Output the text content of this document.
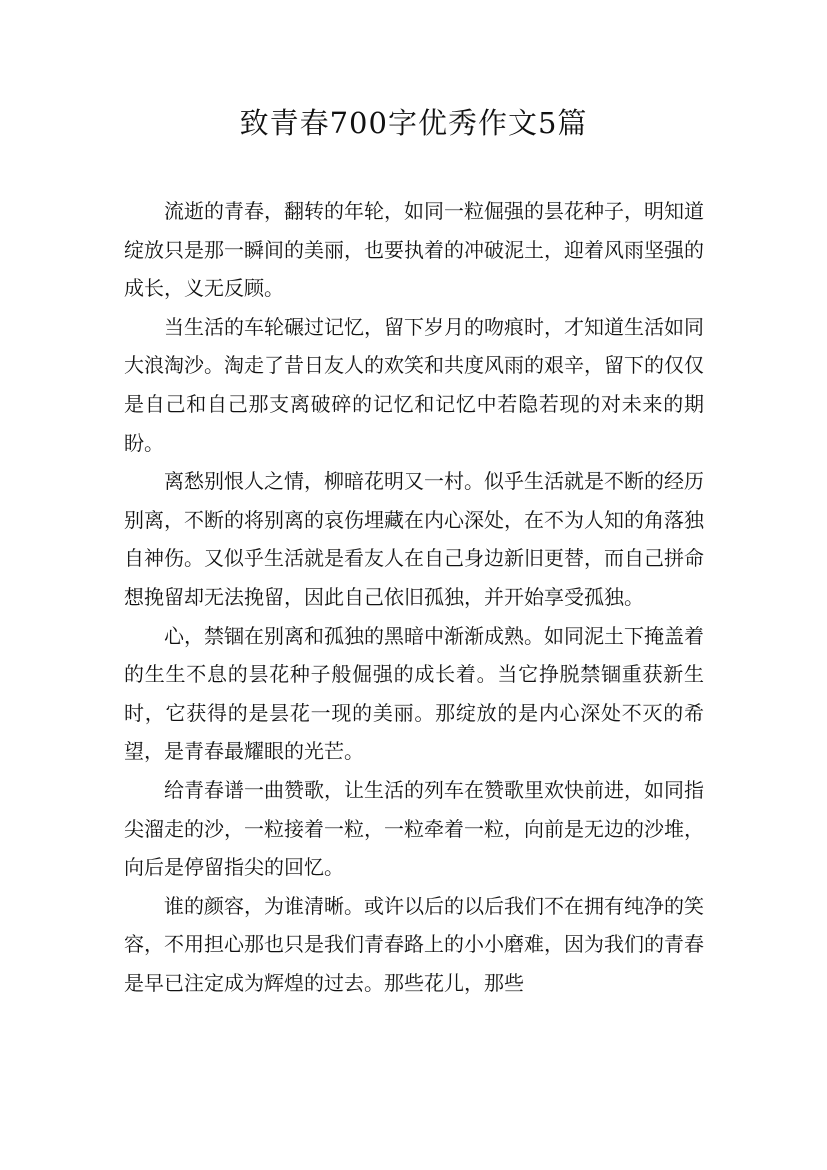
致青春700字优秀作文5篇

流逝的青春，翻转的年轮，如同一粒倔强的昙花种子，明知道绽放只是那一瞬间的美丽，也要执着的冲破泥土，迎着风雨坚强的成长，义无反顾。

当生活的车轮碾过记忆，留下岁月的吻痕时，才知道生活如同大浪淘沙。淘走了昔日友人的欢笑和共度风雨的艰辛，留下的仅仅是自己和自己那支离破碎的记忆和记忆中若隐若现的对未来的期盼。

离愁别恨人之情，柳暗花明又一村。似乎生活就是不断的经历别离，不断的将别离的哀伤埋藏在内心深处，在不为人知的角落独自神伤。又似乎生活就是看友人在自己身边新旧更替，而自己拼命想挽留却无法挽留，因此自己依旧孤独，并开始享受孤独。

心，禁锢在别离和孤独的黑暗中渐渐成熟。如同泥土下掩盖着的生生不息的昙花种子般倔强的成长着。当它挣脱禁锢重获新生时，它获得的是昙花一现的美丽。那绽放的是内心深处不灭的希望，是青春最耀眼的光芒。

给青春谱一曲赞歌，让生活的列车在赞歌里欢快前进，如同指尖溜走的沙，一粒接着一粒，一粒牵着一粒，向前是无边的沙堆，向后是停留指尖的回忆。

谁的颜容，为谁清晰。或许以后的以后我们不在拥有纯净的笑容，不用担心那也只是我们青春路上的小小磨难，因为我们的青春是早已注定成为辉煌的过去。那些花儿，那些
